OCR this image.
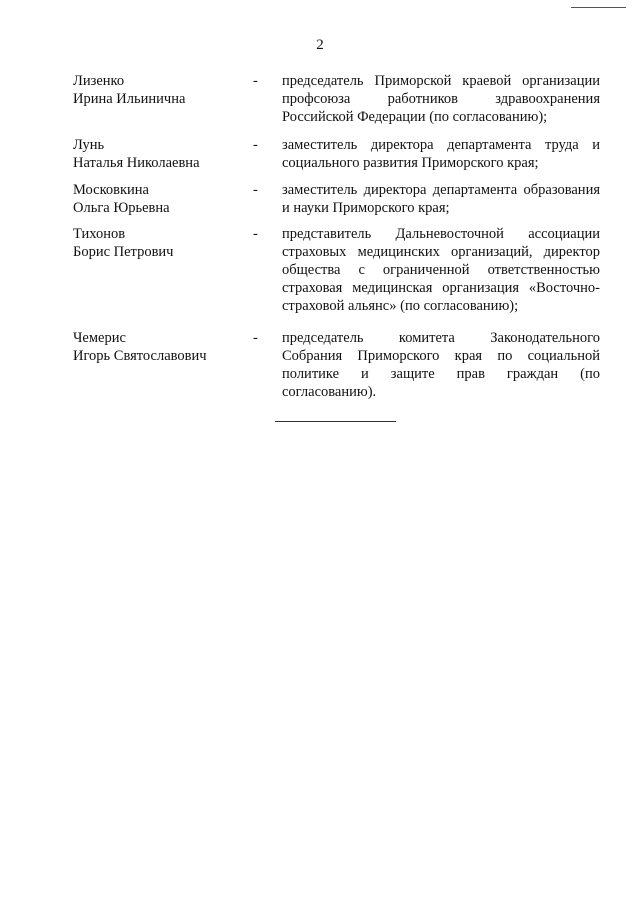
2
Лизенко
Ирина Ильинична
-	председатель Приморской краевой организации профсоюза работников здравоохранения Российской Федерации (по согласованию);
Лунь
Наталья Николаевна
-	заместитель директора департамента труда и социального развития Приморского края;
Московкина
Ольга Юрьевна
-	заместитель директора департамента образования и науки Приморского края;
Тихонов
Борис Петрович
-	представитель Дальневосточной ассоциации страховых медицинских организаций, директор общества с ограниченной ответственностью страховая медицинская организация «Восточно-страховой альянс» (по согласованию);
Чемерис
Игорь Святославович
-	председатель комитета Законодательного Собрания Приморского края по социальной политике и защите прав граждан (по согласованию).
